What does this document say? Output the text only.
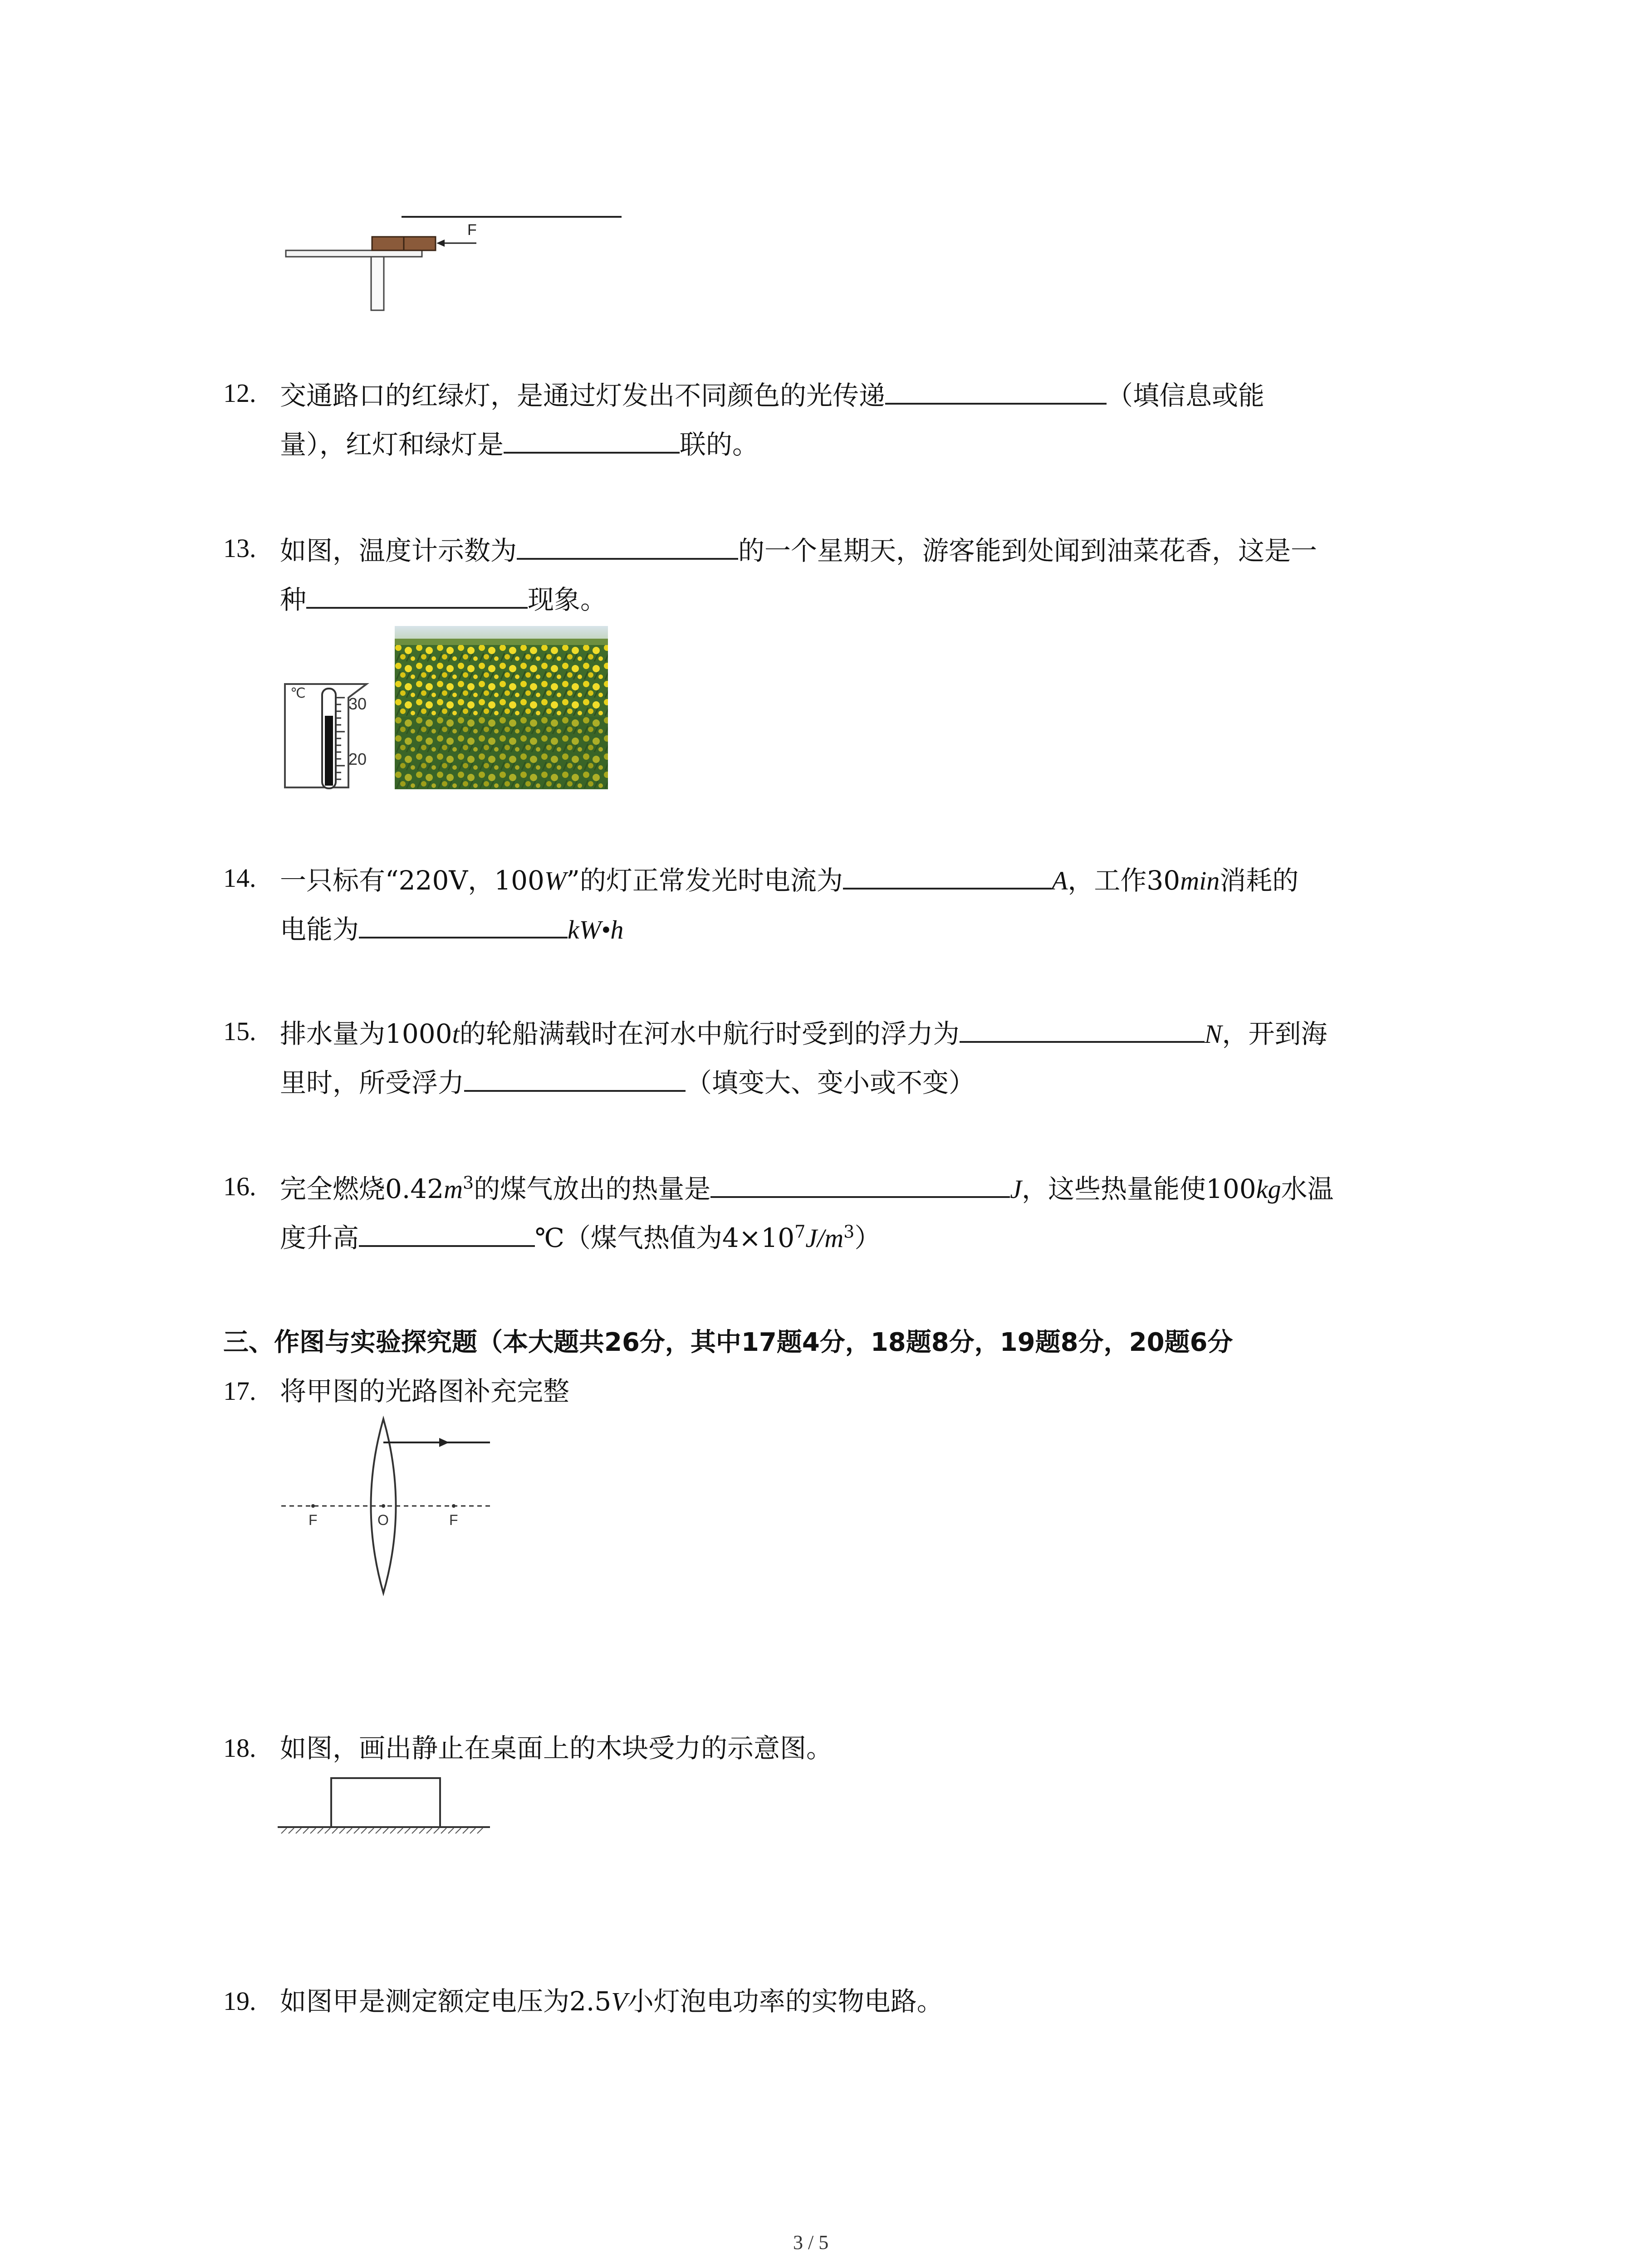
F
12. 交通路口的红绿灯，是通过灯发出不同颜色的光传递	（填信息或能
量），红灯和绿灯是	联的。
13. 如图，温度计示数为	的一个星期天，游客能到处闻到油菜花香，这是一
种	现象。
℃
30
20
14. 一只标有“220V，100W”的灯正常发光时电流为	A，工作30min消耗的
电能为	kW•h
15. 排水量为1000t的轮船满载时在河水中航行时受到的浮力为	N，开到海
里时，所受浮力	（填变大、变小或不变）
16. 完全燃烧$0.42m^3$的煤气放出的热量是	J，这些热量能使100kg水温
度升高	℃（煤气热值为$4\times 10^7J/m^3$）
三、作图与实验探究题（本大题共26分，其中17题4分，18题8分，19题8分，20题6分
17. 将甲图的光路图补充完整
F	O	F
18. 如图，画出静止在桌面上的木块受力的示意图。
19. 如图甲是测定额定电压为2.5V小灯泡电功率的实物电路。
3 / 5
